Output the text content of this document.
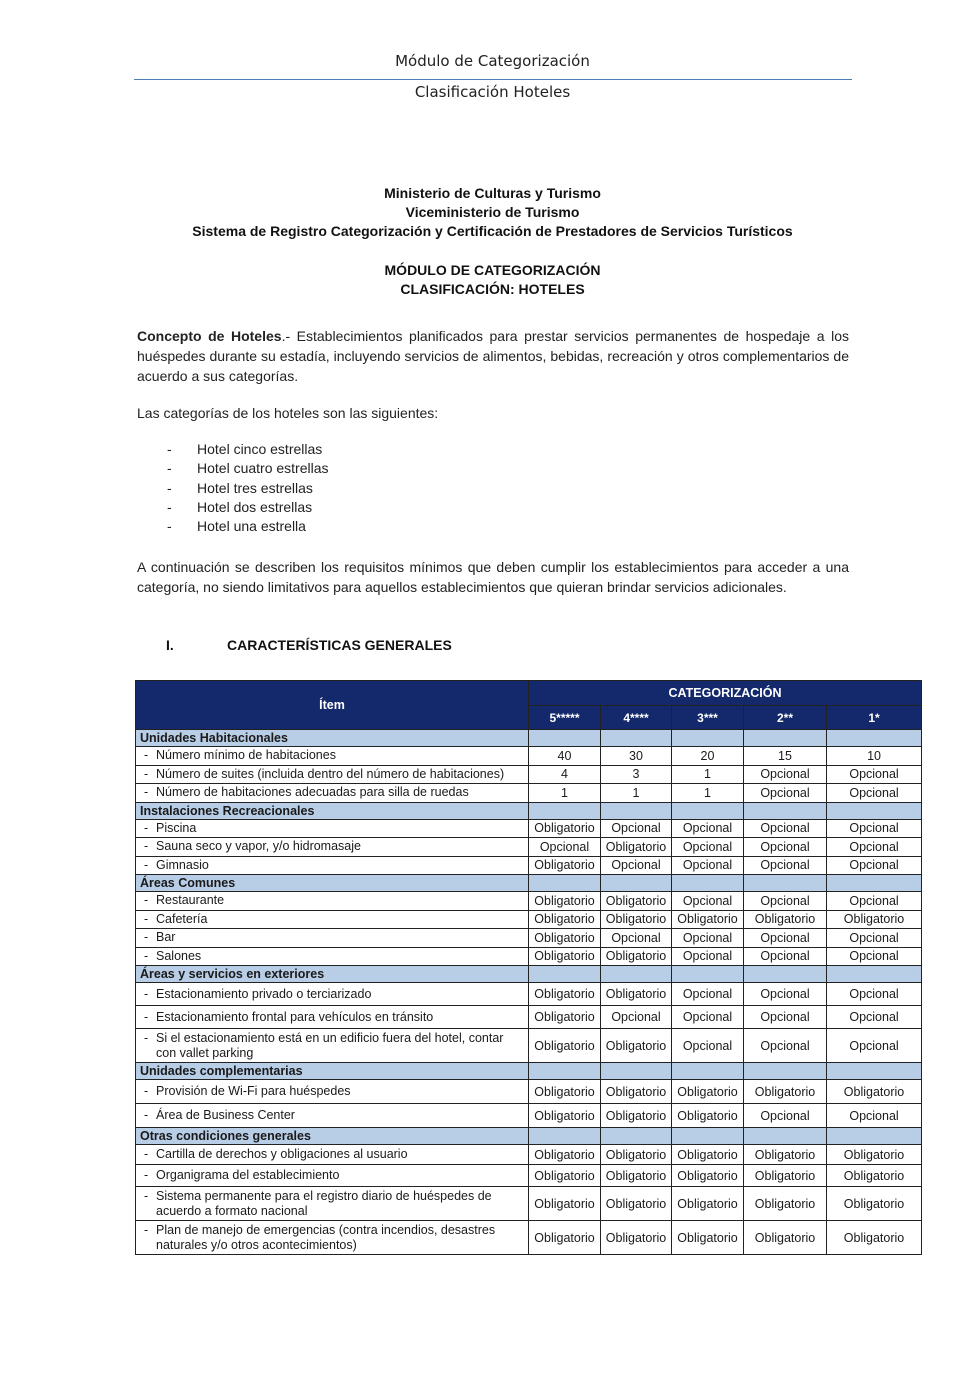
Módulo de Categorización
Clasificación Hoteles
Ministerio de Culturas y Turismo
Viceministerio de Turismo
Sistema de Registro Categorización y Certificación de Prestadores de Servicios Turísticos
MÓDULO DE CATEGORIZACIÓN
CLASIFICACIÓN: HOTELES
Concepto de Hoteles.- Establecimientos planificados para prestar servicios permanentes de hospedaje a los huéspedes durante su estadía, incluyendo servicios de alimentos, bebidas, recreación y otros complementarios de acuerdo a sus categorías.
Las categorías de los hoteles son las siguientes:
- Hotel cinco estrellas
- Hotel cuatro estrellas
- Hotel tres estrellas
- Hotel dos estrellas
- Hotel una estrella
A continuación se describen los requisitos mínimos que deben cumplir los establecimientos para acceder a una categoría, no siendo limitativos para aquellos establecimientos que quieran brindar servicios adicionales.
I.	CARACTERÍSTICAS GENERALES
Ítem	CATEGORIZACIÓN				
	5*****	4****	3***	2**	1*
Unidades Habitacionales					
- Número mínimo de habitaciones	40	30	20	15	10
- Número de suites (incluida dentro del número de habitaciones)	4	3	1	Opcional	Opcional
- Número de habitaciones adecuadas para silla de ruedas	1	1	1	Opcional	Opcional
Instalaciones Recreacionales					
- Piscina	Obligatorio	Opcional	Opcional	Opcional	Opcional
- Sauna seco y vapor, y/o hidromasaje	Opcional	Obligatorio	Opcional	Opcional	Opcional
- Gimnasio	Obligatorio	Opcional	Opcional	Opcional	Opcional
Áreas Comunes					
- Restaurante	Obligatorio	Obligatorio	Opcional	Opcional	Opcional
- Cafetería	Obligatorio	Obligatorio	Obligatorio	Obligatorio	Obligatorio
- Bar	Obligatorio	Opcional	Opcional	Opcional	Opcional
- Salones	Obligatorio	Obligatorio	Opcional	Opcional	Opcional
Áreas y servicios en exteriores					
- Estacionamiento privado o terciarizado	Obligatorio	Obligatorio	Opcional	Opcional	Opcional
- Estacionamiento frontal para vehículos en tránsito	Obligatorio	Opcional	Opcional	Opcional	Opcional
- Si el estacionamiento está en un edificio fuera del hotel, contar con vallet parking	Obligatorio	Obligatorio	Opcional	Opcional	Opcional
Unidades complementarias					
- Provisión de Wi-Fi para huéspedes	Obligatorio	Obligatorio	Obligatorio	Obligatorio	Obligatorio
- Área de Business Center	Obligatorio	Obligatorio	Obligatorio	Opcional	Opcional
Otras condiciones generales					
- Cartilla de derechos y obligaciones al usuario	Obligatorio	Obligatorio	Obligatorio	Obligatorio	Obligatorio
- Organigrama del establecimiento	Obligatorio	Obligatorio	Obligatorio	Obligatorio	Obligatorio
- Sistema permanente para el registro diario de huéspedes de acuerdo a formato nacional	Obligatorio	Obligatorio	Obligatorio	Obligatorio	Obligatorio
- Plan de manejo de emergencias (contra incendios, desastres naturales y/o otros acontecimientos)	Obligatorio	Obligatorio	Obligatorio	Obligatorio	Obligatorio
